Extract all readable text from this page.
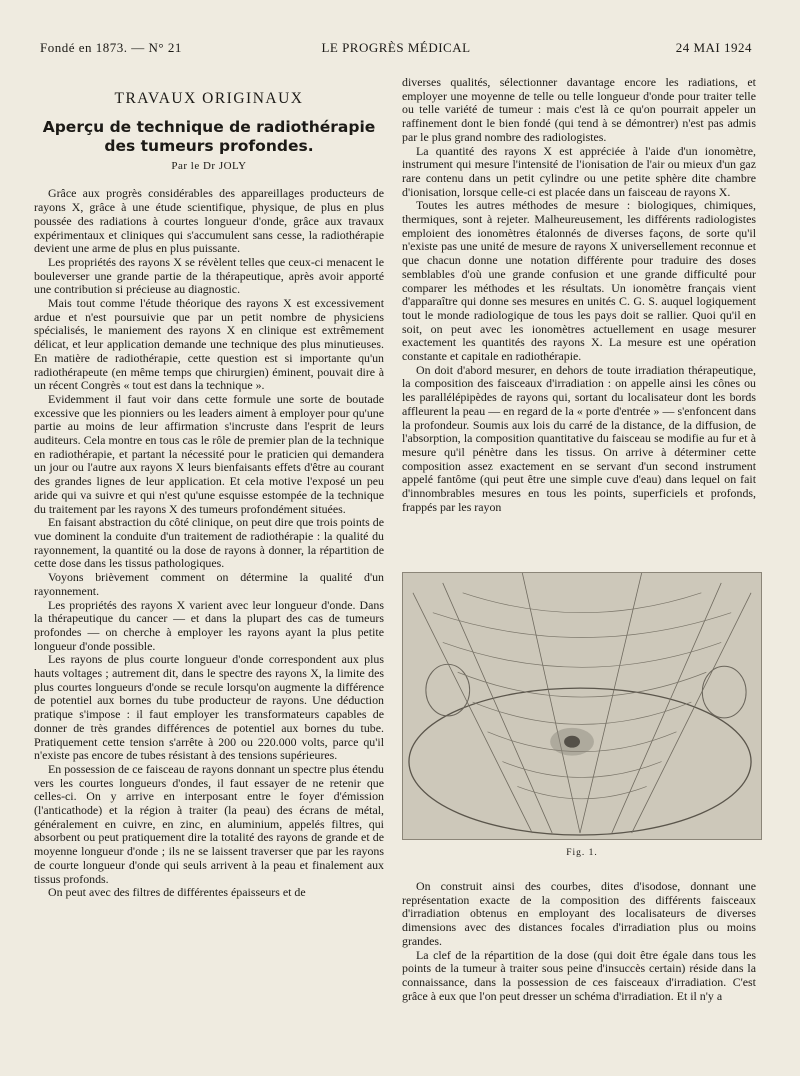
Fondé en 1873. — N° 21	LE PROGRÈS MÉDICAL	24 MAI 1924
TRAVAUX ORIGINAUX
Aperçu de technique de radiothérapie
des tumeurs profondes.
Par le Dr JOLY

Grâce aux progrès considérables des appareillages producteurs de rayons X, grâce à une étude scientifique, physique, de plus en plus poussée des radiations à courtes longueur d'onde, grâce aux travaux expérimentaux et cliniques qui s'accumulent sans cesse, la radiothérapie devient une arme de plus en plus puissante.

Les propriétés des rayons X se révèlent telles que ceux-ci menacent le bouleverser une grande partie de la thérapeutique, après avoir apporté une contribution si précieuse au diagnostic.

Mais tout comme l'étude théorique des rayons X est excessivement ardue et n'est poursuivie que par un petit nombre de physiciens spécialisés, le maniement des rayons X en clinique est extrêmement délicat, et leur application demande une technique des plus minutieuses. En matière de radiothérapie, cette question est si importante qu'un radiothérapeute (en même temps que chirurgien) éminent, pouvait dire à un récent Congrès « tout est dans la technique ».

Evidemment il faut voir dans cette formule une sorte de boutade excessive que les pionniers ou les leaders aiment à employer pour qu'une partie au moins de leur affirmation s'incruste dans l'esprit de leurs auditeurs. Cela montre en tous cas le rôle de premier plan de la technique en radiothérapie, et partant la nécessité pour le praticien qui demandera un jour ou l'autre aux rayons X leurs bienfaisants effets d'être au courant des grandes lignes de leur application. Et cela motive l'exposé un peu aride qui va suivre et qui n'est qu'une esquisse estompée de la technique du traitement par les rayons X des tumeurs profondément situées.

En faisant abstraction du côté clinique, on peut dire que trois points de vue dominent la conduite d'un traitement de radiothérapie : la qualité du rayonnement, la quantité ou la dose de rayons à donner, la répartition de cette dose dans les tissus pathologiques.

Voyons brièvement comment on détermine la qualité d'un rayonnement.

Les propriétés des rayons X varient avec leur longueur d'onde. Dans la thérapeutique du cancer — et dans la plupart des cas de tumeurs profondes — on cherche à employer les rayons ayant la plus petite longueur d'onde possible.

Les rayons de plus courte longueur d'onde correspondent aux plus hauts voltages ; autrement dit, dans le spectre des rayons X, la limite des plus courtes longueurs d'onde se recule lorsqu'on augmente la différence de potentiel aux bornes du tube producteur de rayons. Une déduction pratique s'impose : il faut employer les transformateurs capables de donner de très grandes différences de potentiel aux bornes du tube. Pratiquement cette tension s'arrête à 200 ou 220.000 volts, parce qu'il n'existe pas encore de tubes résistant à des tensions supérieures.

En possession de ce faisceau de rayons donnant un spectre plus étendu vers les courtes longueurs d'ondes, il faut essayer de ne retenir que celles-ci. On y arrive en interposant entre le foyer d'émission (l'anticathode) et la région à traiter (la peau) des écrans de métal, généralement en cuivre, en zinc, en aluminium, appelés filtres, qui absorbent ou peut pratiquement dire la totalité des rayons de grande et de moyenne longueur d'onde ; ils ne se laissent traverser que par les rayons de courte longueur d'onde qui seuls arrivent à la peau et finalement aux tissus profonds.

On peut avec des filtres de différentes épaisseurs et de

diverses qualités, sélectionner davantage encore les radiations, et employer une moyenne de telle ou telle longueur d'onde pour traiter telle ou telle variété de tumeur : mais c'est là ce qu'on pourrait appeler un raffinement dont le bien fondé (qui tend à se démontrer) n'est pas admis par le plus grand nombre des radiologistes.

La quantité des rayons X est appréciée à l'aide d'un ionomètre, instrument qui mesure l'intensité de l'ionisation de l'air ou mieux d'un gaz rare contenu dans un petit cylindre ou une petite sphère dite chambre d'ionisation, lorsque celle-ci est placée dans un faisceau de rayons X.

Toutes les autres méthodes de mesure : biologiques, chimiques, thermiques, sont à rejeter. Malheureusement, les différents radiologistes emploient des ionomètres étalonnés de diverses façons, de sorte qu'il n'existe pas une unité de mesure de rayons X universellement reconnue et que chacun donne une notation différente pour traduire des doses semblables d'où une grande confusion et une grande difficulté pour comparer les méthodes et les résultats. Un ionomètre français vient d'apparaître qui donne ses mesures en unités C. G. S. auquel logiquement tout le monde radiologique de tous les pays doit se rallier. Quoi qu'il en soit, on peut avec les ionomètres actuellement en usage mesurer exactement les quantités des rayons X. La mesure est une opération constante et capitale en radiothérapie.

On doit d'abord mesurer, en dehors de toute irradiation thérapeutique, la composition des faisceaux d'irradiation : on appelle ainsi les cônes ou les parallélépipèdes de rayons qui, sortant du localisateur dont les bords affleurent la peau — en regard de la « porte d'entrée » — s'enfoncent dans la profondeur. Soumis aux lois du carré de la distance, de la diffusion, de l'absorption, la composition quantitative du faisceau se modifie au fur et à mesure qu'il pénètre dans les tissus. On arrive à déterminer cette composition assez exactement en se servant d'un second instrument appelé fantôme (qui peut être une simple cuve d'eau) dans lequel on fait d'innombrables mesures en tous les points, superficiels et profonds, frappés par les rayon

Fig. 1.

On construit ainsi des courbes, dites d'isodose, donnant une représentation exacte de la composition des différents faisceaux d'irradiation obtenus en employant des localisateurs de diverses dimensions avec des distances focales d'irradiation plus ou moins grandes.

La clef de la répartition de la dose (qui doit être égale dans tous les points de la tumeur à traiter sous peine d'insuccès certain) réside dans la connaissance, dans la possession de ces faisceaux d'irradiation. C'est grâce à eux que l'on peut dresser un schéma d'irradiation. Et il n'y a
